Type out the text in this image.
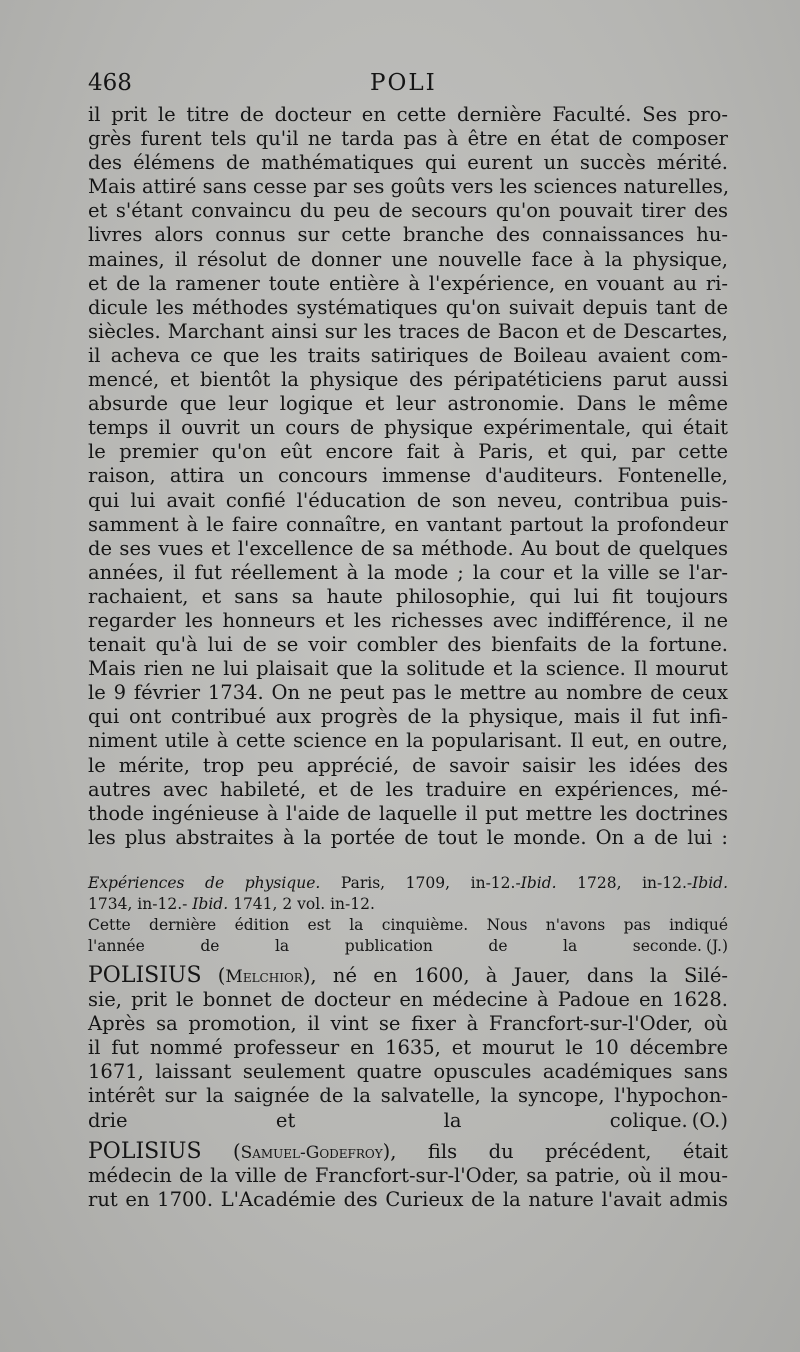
468	POLI
il prit le titre de docteur en cette dernière Faculté. Ses pro-
grès furent tels qu'il ne tarda pas à être en état de composer
des élémens de mathématiques qui eurent un succès mérité.
Mais attiré sans cesse par ses goûts vers les sciences naturelles,
et s'étant convaincu du peu de secours qu'on pouvait tirer des
livres alors connus sur cette branche des connaissances hu-
maines, il résolut de donner une nouvelle face à la physique,
et de la ramener toute entière à l'expérience, en vouant au ri-
dicule les méthodes systématiques qu'on suivait depuis tant de
siècles. Marchant ainsi sur les traces de Bacon et de Descartes,
il acheva ce que les traits satiriques de Boileau avaient com-
mencé, et bientôt la physique des péripatéticiens parut aussi
absurde que leur logique et leur astronomie. Dans le même
temps il ouvrit un cours de physique expérimentale, qui était
le premier qu'on eût encore fait à Paris, et qui, par cette
raison, attira un concours immense d'auditeurs. Fontenelle,
qui lui avait confié l'éducation de son neveu, contribua puis-
samment à le faire connaître, en vantant partout la profondeur
de ses vues et l'excellence de sa méthode. Au bout de quelques
années, il fut réellement à la mode ; la cour et la ville se l'ar-
rachaient, et sans sa haute philosophie, qui lui fit toujours
regarder les honneurs et les richesses avec indifférence, il ne
tenait qu'à lui de se voir combler des bienfaits de la fortune.
Mais rien ne lui plaisait que la solitude et la science. Il mourut
le 9 février 1734. On ne peut pas le mettre au nombre de ceux
qui ont contribué aux progrès de la physique, mais il fut infi-
niment utile à cette science en la popularisant. Il eut, en outre,
le mérite, trop peu apprécié, de savoir saisir les idées des
autres avec habileté, et de les traduire en expériences, mé-
thode ingénieuse à l'aide de laquelle il put mettre les doctrines
les plus abstraites à la portée de tout le monde. On a de lui :
Expériences de physique. Paris, 1709, in-12.-Ibid. 1728, in-12.-Ibid.
1734, in-12.- Ibid. 1741, 2 vol. in-12.
Cette dernière édition est la cinquième. Nous n'avons pas indiqué
l'année de la publication de la seconde. (J.)
POLISIUS (Melchior), né en 1600, à Jauer, dans la Silé-
sie, prit le bonnet de docteur en médecine à Padoue en 1628.
Après sa promotion, il vint se fixer à Francfort-sur-l'Oder, où
il fut nommé professeur en 1635, et mourut le 10 décembre
1671, laissant seulement quatre opuscules académiques sans
intérêt sur la saignée de la salvatelle, la syncope, l'hypochon-
drie et la colique. (O.)
POLISIUS (Samuel-Godefroy), fils du précédent, était
médecin de la ville de Francfort-sur-l'Oder, sa patrie, où il mou-
rut en 1700. L'Académie des Curieux de la nature l'avait admis
